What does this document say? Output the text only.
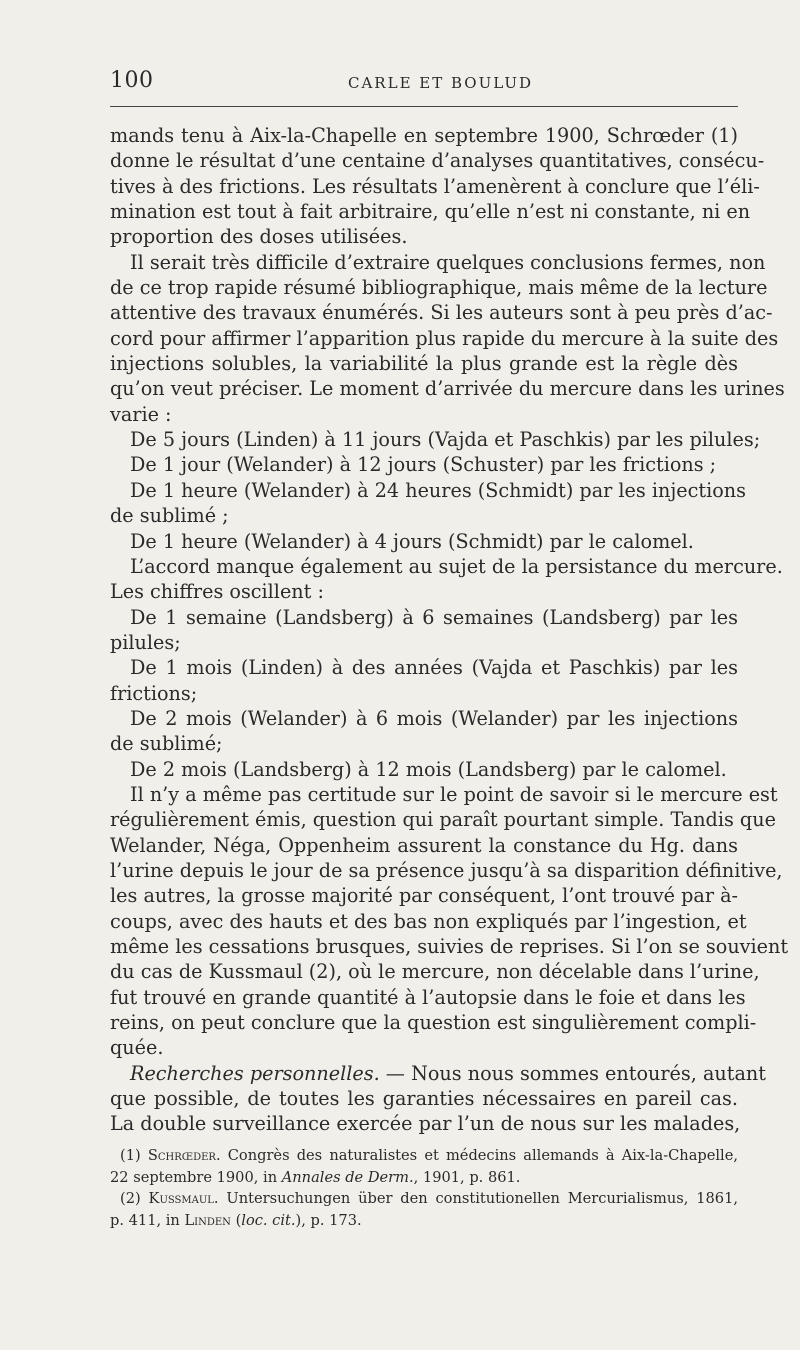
100	CARLE ET BOULUD
mands tenu à Aix-la-Chapelle en septembre 1900, Schrœder (1)
donne le résultat d’une centaine d’analyses quantitatives, consécu-
tives à des frictions. Les résultats l’amenèrent à conclure que l’éli-
mination est tout à fait arbitraire, qu’elle n’est ni constante, ni en
proportion des doses utilisées.
Il serait très difficile d’extraire quelques conclusions fermes, non
de ce trop rapide résumé bibliographique, mais même de la lecture
attentive des travaux énumérés. Si les auteurs sont à peu près d’ac-
cord pour affirmer l’apparition plus rapide du mercure à la suite des
injections solubles, la variabilité la plus grande est la règle dès
qu’on veut préciser. Le moment d’arrivée du mercure dans les urines
varie :
De 5 jours (Linden) à 11 jours (Vajda et Paschkis) par les pilules;
De 1 jour (Welander) à 12 jours (Schuster) par les frictions ;
De 1 heure (Welander) à 24 heures (Schmidt) par les injections
de sublimé ;
De 1 heure (Welander) à 4 jours (Schmidt) par le calomel.
L’accord manque également au sujet de la persistance du mercure.
Les chiffres oscillent :
De 1 semaine (Landsberg) à 6 semaines (Landsberg) par les
pilules;
De 1 mois (Linden) à des années (Vajda et Paschkis) par les
frictions;
De 2 mois (Welander) à 6 mois (Welander) par les injections
de sublimé;
De 2 mois (Landsberg) à 12 mois (Landsberg) par le calomel.
Il n’y a même pas certitude sur le point de savoir si le mercure est
régulièrement émis, question qui paraît pourtant simple. Tandis que
Welander, Néga, Oppenheim assurent la constance du Hg. dans
l’urine depuis le jour de sa présence jusqu’à sa disparition définitive,
les autres, la grosse majorité par conséquent, l’ont trouvé par à-
coups, avec des hauts et des bas non expliqués par l’ingestion, et
même les cessations brusques, suivies de reprises. Si l’on se souvient
du cas de Kussmaul (2), où le mercure, non décelable dans l’urine,
fut trouvé en grande quantité à l’autopsie dans le foie et dans les
reins, on peut conclure que la question est singulièrement compli-
quée.
Recherches personnelles. — Nous nous sommes entourés, autant
que possible, de toutes les garanties nécessaires en pareil cas.
La double surveillance exercée par l’un de nous sur les malades,
(1) Schrœder. Congrès des naturalistes et médecins allemands à Aix-la-Chapelle,
22 septembre 1900, in Annales de Derm., 1901, p. 861.
(2) Kussmaul. Untersuchungen über den constitutionellen Mercurialismus, 1861,
p. 411, in Linden (loc. cit.), p. 173.
